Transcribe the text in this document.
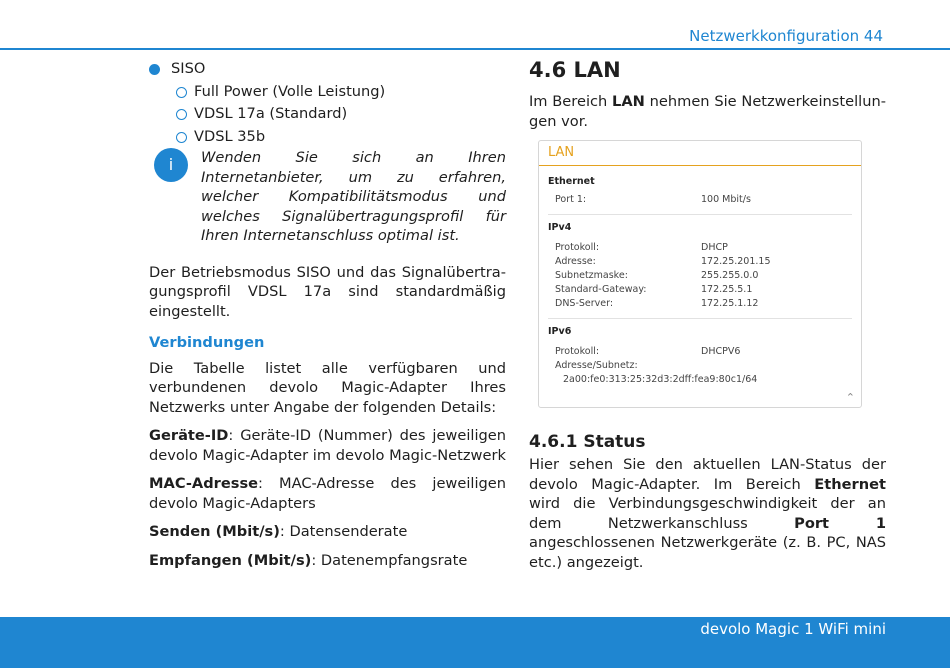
Netzwerkkonfiguration 44
SISO
Full Power (Volle Leistung)
VDSL 17a (Standard)
VDSL 35b
i	Wenden Sie sich an Ihren Internetanbieter, um zu erfahren, welcher Kompatibilitätsmodus und welches Signalübertragungsprofil für Ihren Internetanschluss optimal ist.

Der Betriebsmodus SISO und das Signalübertragungsprofil VDSL 17a sind standardmäßig eingestellt.

Verbindungen

Die Tabelle listet alle verfügbaren und verbundenen devolo Magic-Adapter Ihres Netzwerks unter Angabe der folgenden Details:

Geräte-ID: Geräte-ID (Nummer) des jeweiligen devolo Magic-Adapter im devolo Magic-Netzwerk

MAC-Adresse: MAC-Adresse des jeweiligen devolo Magic-Adapters

Senden (Mbit/s): Datensenderate

Empfangen (Mbit/s): Datenempfangsrate

4.6 LAN

Im Bereich LAN nehmen Sie Netzwerkeinstellungen vor.

LAN
Ethernet
Port 1:	100 Mbit/s
IPv4
Protokoll:	DHCP
Adresse:	172.25.201.15
Subnetzmaske:	255.255.0.0
Standard-Gateway:	172.25.5.1
DNS-Server:	172.25.1.12
IPv6
Protokoll:	DHCPV6
Adresse/Subnetz:
2a00:fe0:313:25:32d3:2dff:fea9:80c1/64
⌃
4.6.1 Status

Hier sehen Sie den aktuellen LAN-Status der devolo Magic-Adapter. Im Bereich Ethernet wird die Verbindungsgeschwindigkeit der an dem Netzwerkanschluss Port 1 angeschlossenen Netzwerkgeräte (z. B. PC, NAS etc.) angezeigt.

devolo Magic 1 WiFi mini
